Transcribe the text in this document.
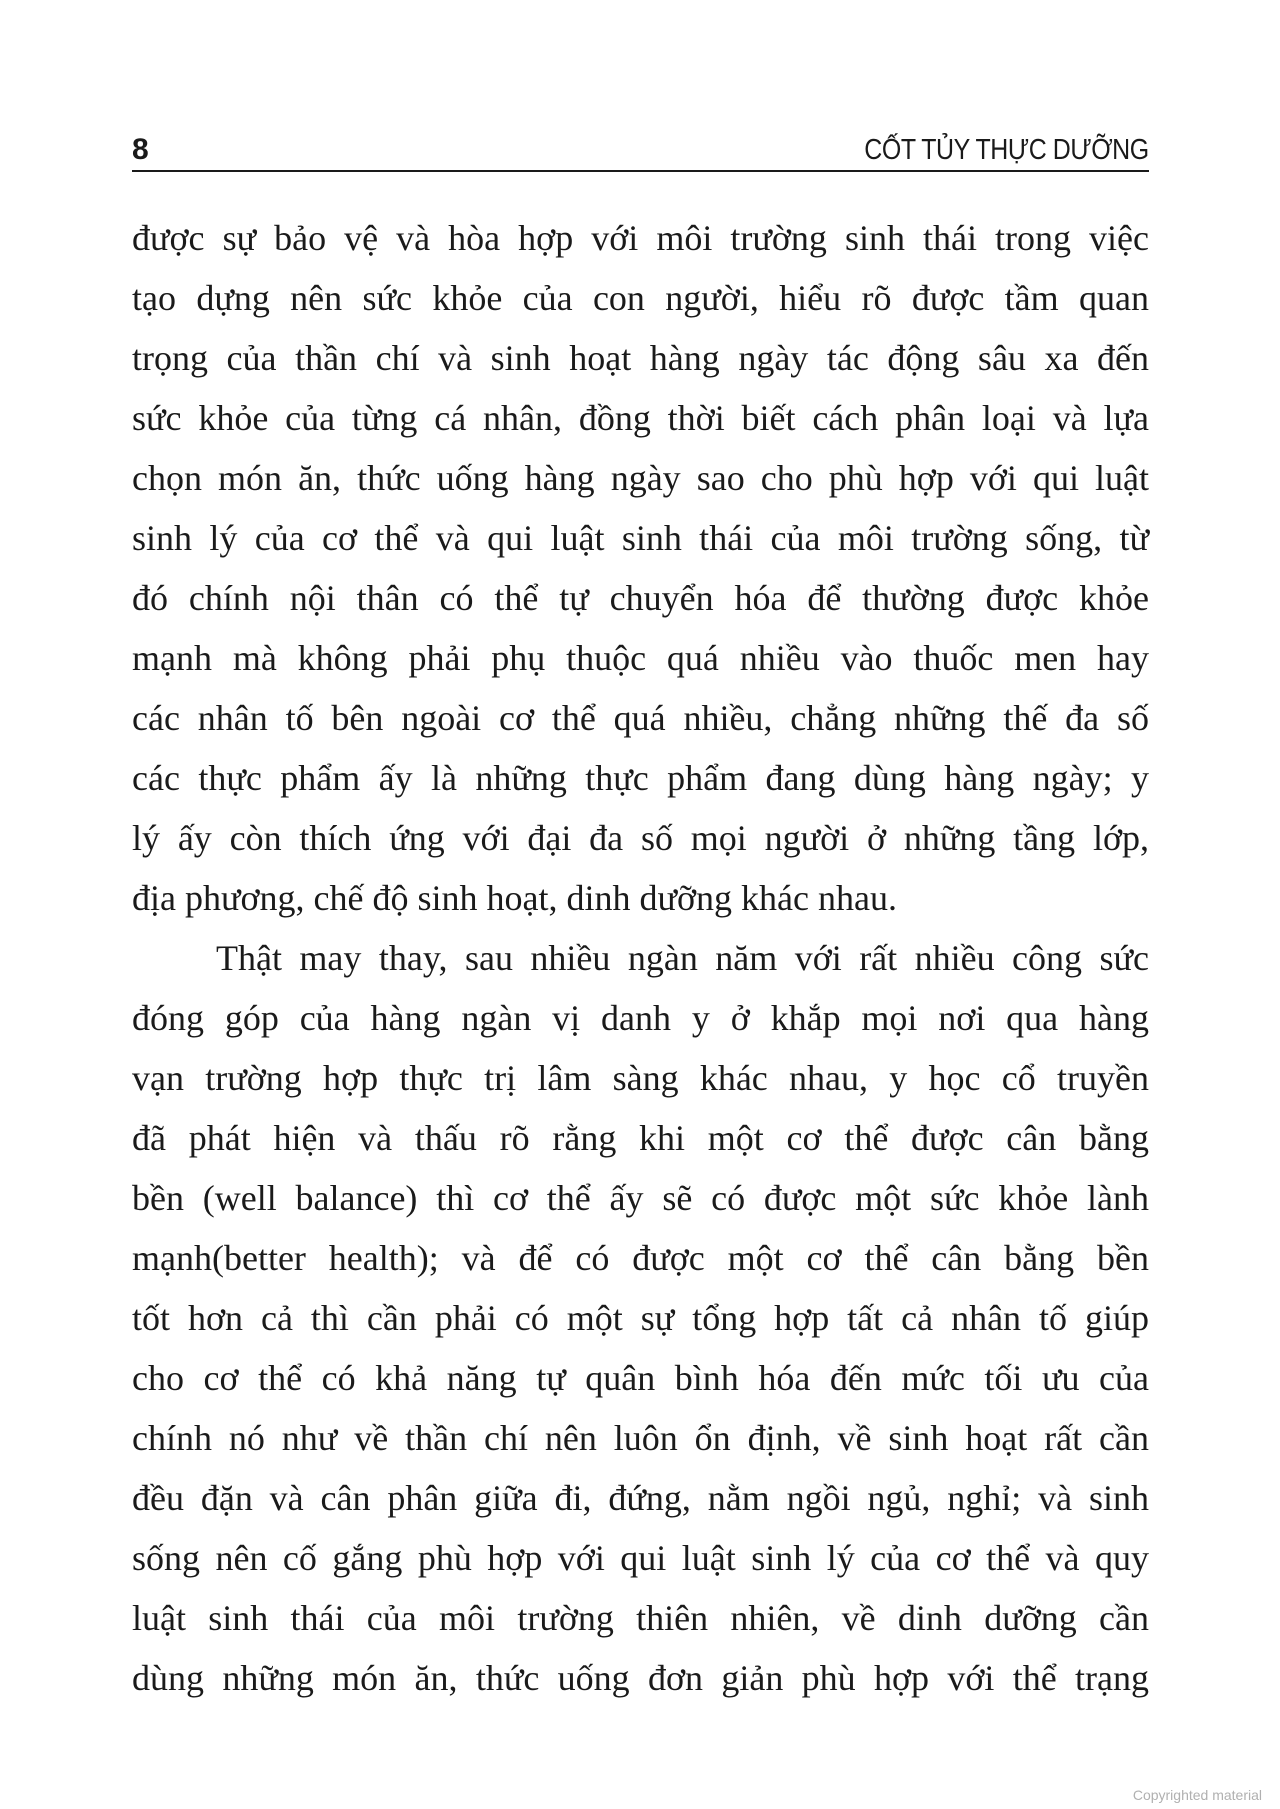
8	CỐT TỦY THỰC DƯỠNG
được sự bảo vệ và hòa hợp với môi trường sinh thái trong việc
tạo dựng nên sức khỏe của con người, hiểu rõ được tầm quan
trọng của thần chí và sinh hoạt hàng ngày tác động sâu xa đến
sức khỏe của từng cá nhân, đồng thời biết cách phân loại và lựa
chọn món ăn, thức uống hàng ngày sao cho phù hợp với qui luật
sinh lý của cơ thể và qui luật sinh thái của môi trường sống, từ
đó chính nội thân có thể tự chuyển hóa để thường được khỏe
mạnh mà không phải phụ thuộc quá nhiều vào thuốc men hay
các nhân tố bên ngoài cơ thể quá nhiều, chẳng những thế đa số
các thực phẩm ấy là những thực phẩm đang dùng hàng ngày; y
lý ấy còn thích ứng với đại đa số mọi người ở những tầng lớp,
địa phương, chế độ sinh hoạt, dinh dưỡng khác nhau.
Thật may thay, sau nhiều ngàn năm với rất nhiều công sức
đóng góp của hàng ngàn vị danh y ở khắp mọi nơi qua hàng
vạn trường hợp thực trị lâm sàng khác nhau, y học cổ truyền
đã phát hiện và thấu rõ rằng khi một cơ thể được cân bằng
bền (well balance) thì cơ thể ấy sẽ có được một sức khỏe lành
mạnh(better health); và để có được một cơ thể cân bằng bền
tốt hơn cả thì cần phải có một sự tổng hợp tất cả nhân tố giúp
cho cơ thể có khả năng tự quân bình hóa đến mức tối ưu của
chính nó như về thần chí nên luôn ổn định, về sinh hoạt rất cần
đều đặn và cân phân giữa đi, đứng, nằm ngồi ngủ, nghỉ; và sinh
sống nên cố gắng phù hợp với qui luật sinh lý của cơ thể và quy
luật sinh thái của môi trường thiên nhiên, về dinh dưỡng cần
dùng những món ăn, thức uống đơn giản phù hợp với thể trạng
Copyrighted material
